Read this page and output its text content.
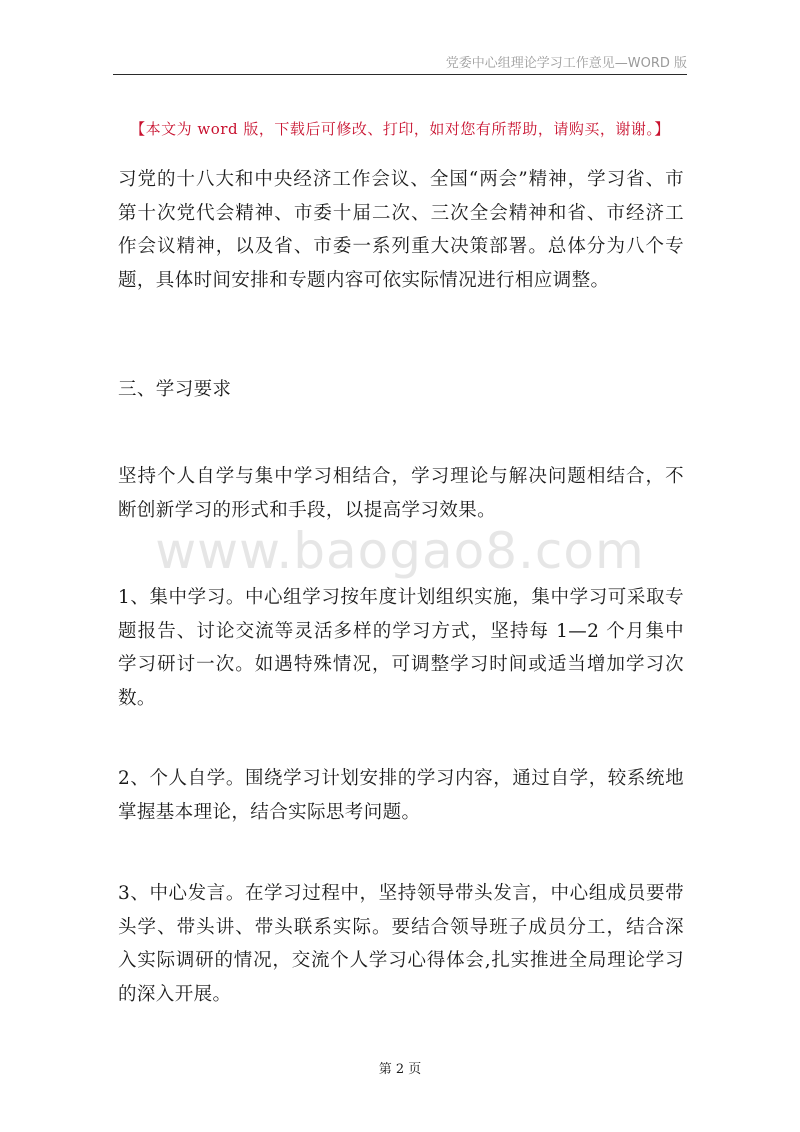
党委中心组理论学习工作意见—WORD 版
【本文为 word 版，下载后可修改、打印，如对您有所帮助，请购买，谢谢。】

习党的十八大和中央经济工作会议、全国“两会”精神，学习省、市第十次党代会精神、市委十届二次、三次全会精神和省、市经济工作会议精神，以及省、市委一系列重大决策部署。总体分为八个专题，具体时间安排和专题内容可依实际情况进行相应调整。

三、学习要求

坚持个人自学与集中学习相结合，学习理论与解决问题相结合，不断创新学习的形式和手段，以提高学习效果。

www.baogao8.com

1、集中学习。中心组学习按年度计划组织实施，集中学习可采取专题报告、讨论交流等灵活多样的学习方式，坚持每 1—2 个月集中学习研讨一次。如遇特殊情况，可调整学习时间或适当增加学习次数。

2、个人自学。围绕学习计划安排的学习内容，通过自学，较系统地掌握基本理论，结合实际思考问题。

3、中心发言。在学习过程中，坚持领导带头发言，中心组成员要带头学、带头讲、带头联系实际。要结合领导班子成员分工，结合深入实际调研的情况，交流个人学习心得体会,扎实推进全局理论学习的深入开展。

第 2 页
